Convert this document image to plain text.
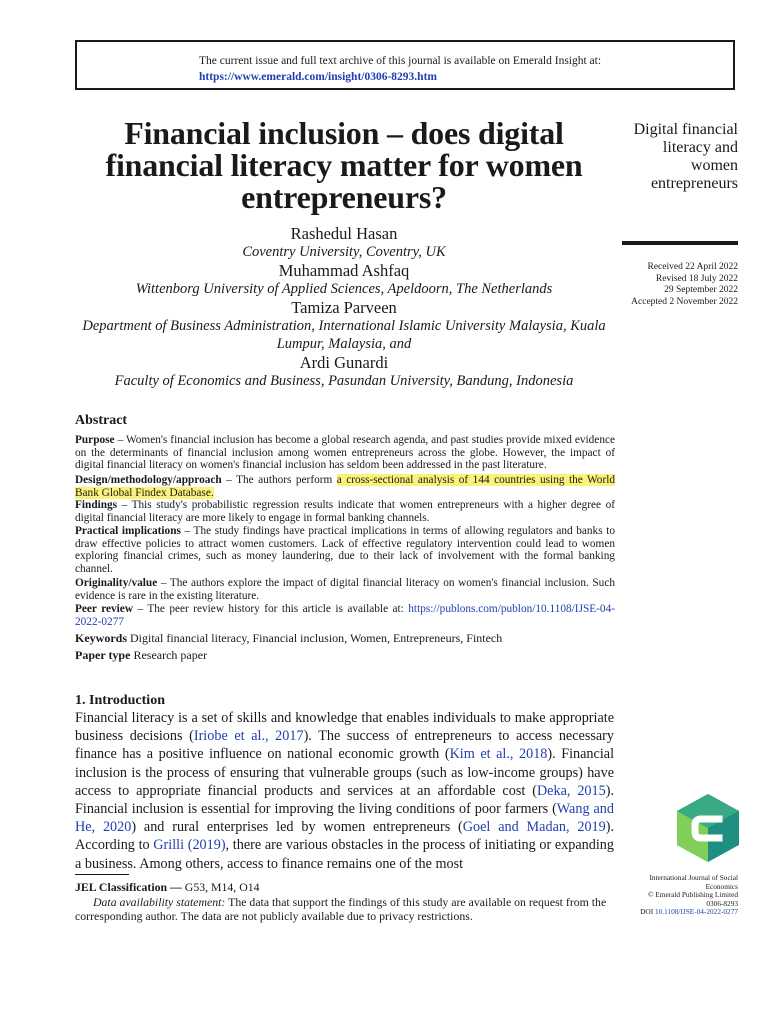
The current issue and full text archive of this journal is available on Emerald Insight at:
https://www.emerald.com/insight/0306-8293.htm
Financial inclusion – does digital financial literacy matter for women entrepreneurs?
Digital financial literacy and women entrepreneurs
Received 22 April 2022
Revised 18 July 2022
29 September 2022
Accepted 2 November 2022
Rashedul Hasan
Coventry University, Coventry, UK
Muhammad Ashfaq
Wittenborg University of Applied Sciences, Apeldoorn, The Netherlands
Tamiza Parveen
Department of Business Administration, International Islamic University Malaysia, Kuala Lumpur, Malaysia, and
Ardi Gunardi
Faculty of Economics and Business, Pasundan University, Bandung, Indonesia
Abstract
Purpose – Women's financial inclusion has become a global research agenda, and past studies provide mixed evidence on the determinants of financial inclusion among women entrepreneurs across the globe. However, the impact of digital financial literacy on women's financial inclusion has seldom been addressed in the past literature.
Design/methodology/approach – The authors perform a cross-sectional analysis of 144 countries using the World Bank Global Findex Database.
Findings – This study's probabilistic regression results indicate that women entrepreneurs with a higher degree of digital financial literacy are more likely to engage in formal banking channels.
Practical implications – The study findings have practical implications in terms of allowing regulators and banks to draw effective policies to attract women customers. Lack of effective regulatory intervention could lead to women exploring financial crimes, such as money laundering, due to their lack of involvement with the formal banking channel.
Originality/value – The authors explore the impact of digital financial literacy on women's financial inclusion. Such evidence is rare in the existing literature.
Peer review – The peer review history for this article is available at: https://publons.com/publon/10.1108/IJSE-04-2022-0277
Keywords Digital financial literacy, Financial inclusion, Women, Entrepreneurs, Fintech
Paper type Research paper
1. Introduction

Financial literacy is a set of skills and knowledge that enables individuals to make appropriate business decisions (Iriobe et al., 2017). The success of entrepreneurs to access necessary finance has a positive influence on national economic growth (Kim et al., 2018). Financial inclusion is the process of ensuring that vulnerable groups (such as low-income groups) have access to appropriate financial products and services at an affordable cost (Deka, 2015). Financial inclusion is essential for improving the living conditions of poor farmers (Wang and He, 2020) and rural enterprises led by women entrepreneurs (Goel and Madan, 2019). According to Grilli (2019), there are various obstacles in the process of initiating or expanding a business. Among others, access to finance remains one of the most

JEL Classification — G53, M14, O14

Data availability statement: The data that support the findings of this study are available on request from the corresponding author. The data are not publicly available due to privacy restrictions.

International Journal of Social Economics
© Emerald Publishing Limited
0306-8293
DOI 10.1108/IJSE-04-2022-0277
